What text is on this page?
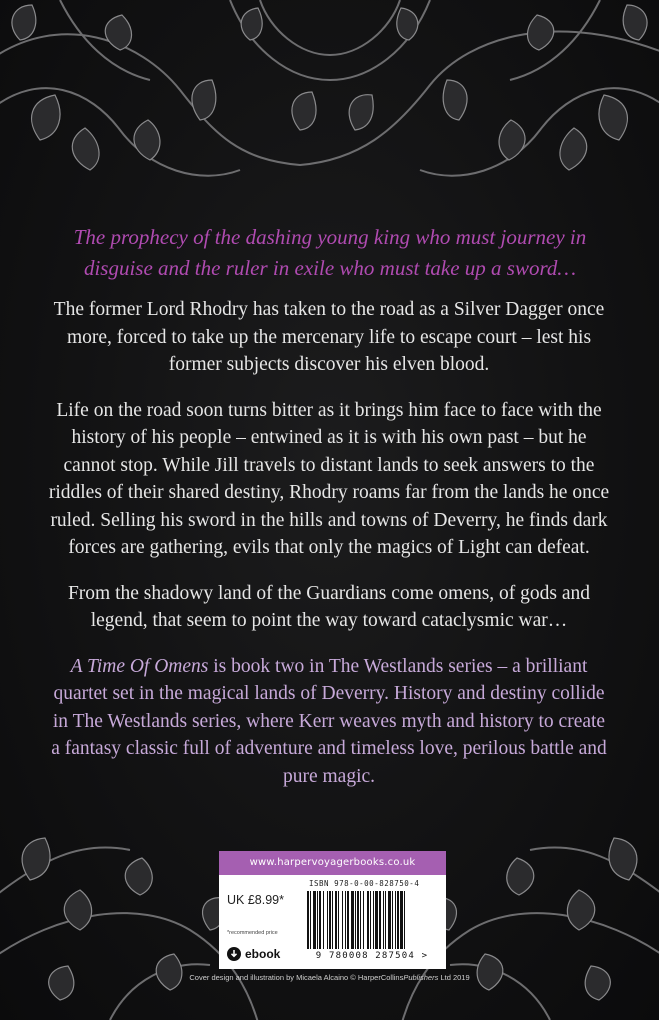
The prophecy of the dashing young king who must journey in disguise and the ruler in exile who must take up a sword…

The former Lord Rhodry has taken to the road as a Silver Dagger once more, forced to take up the mercenary life to escape court – lest his former subjects discover his elven blood.

Life on the road soon turns bitter as it brings him face to face with the history of his people – entwined as it is with his own past – but he cannot stop. While Jill travels to distant lands to seek answers to the riddles of their shared destiny, Rhodry roams far from the lands he once ruled. Selling his sword in the hills and towns of Deverry, he finds dark forces are gathering, evils that only the magics of Light can defeat.

From the shadowy land of the Guardians come omens, of gods and legend, that seem to point the way toward cataclysmic war…

A Time Of Omens is book two in The Westlands series – a brilliant quartet set in the magical lands of Deverry. History and destiny collide in The Westlands series, where Kerr weaves myth and history to create a fantasy classic full of adventure and timeless love, perilous battle and pure magic.

www.harpervoyagerbooks.co.uk
UK £8.99*
*recommended price
ebook
ISBN 978-0-00-828750-4
9 780008 287504 >
Cover design and illustration by Micaela Alcaino © HarperCollinsPublishers Ltd 2019
